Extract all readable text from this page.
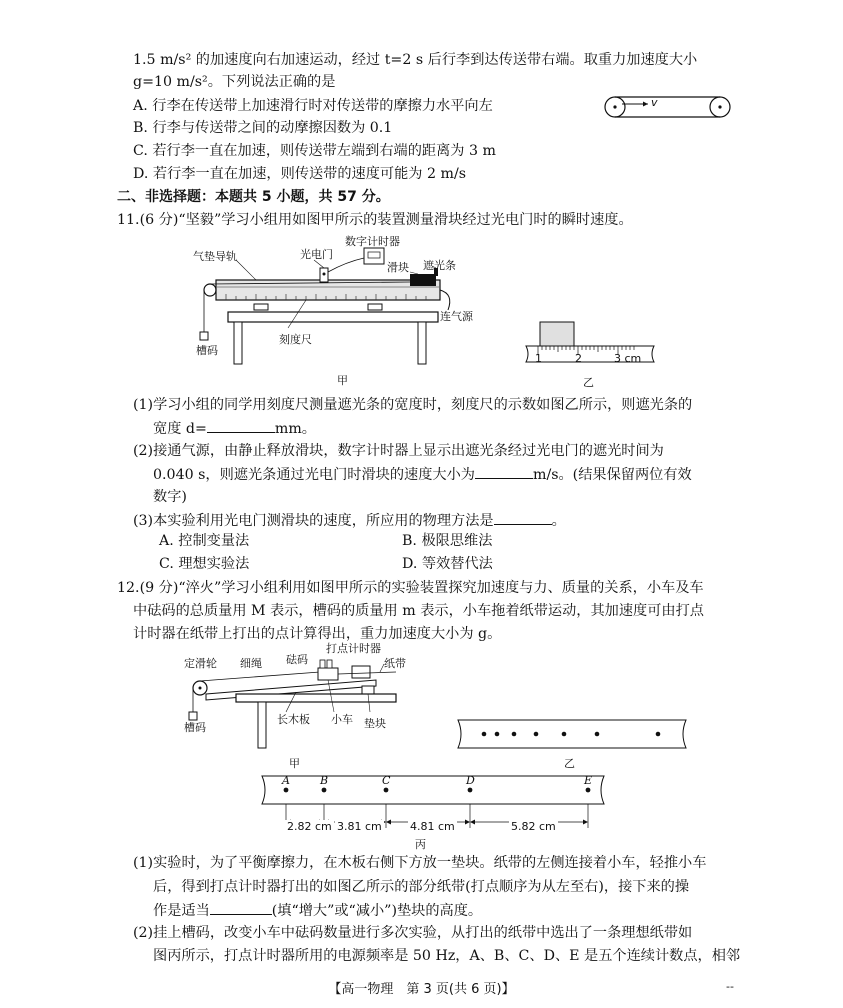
1.5 m/s² 的加速度向右加速运动，经过 t=2 s 后行李到达传送带右端。取重力加速度大小
g=10 m/s²。下列说法正确的是
A. 行李在传送带上加速滑行时对传送带的摩擦力水平向左
B. 行李与传送带之间的动摩擦因数为 0.1
C. 若行李一直在加速，则传送带左端到右端的距离为 3 m
D. 若行李一直在加速，则传送带的速度可能为 2 m/s
v
二、非选择题：本题共 5 小题，共 57 分。
11.(6 分)“坚毅”学习小组用如图甲所示的装置测量滑块经过光电门时的瞬时速度。
气垫导轨	光电门
数字计时器
滑块 遮光条
连气源
槽码
刻度尺
甲
1	2	3 cm
乙
(1)学习小组的同学用刻度尺测量遮光条的宽度时，刻度尺的示数如图乙所示，则遮光条的
宽度 d=	mm。
(2)接通气源，由静止释放滑块，数字计时器上显示出遮光条经过光电门的遮光时间为
0.040 s，则遮光条通过光电门时滑块的速度大小为	m/s。(结果保留两位有效
数字)
(3)本实验利用光电门测滑块的速度，所应用的物理方法是	。
A. 控制变量法	B. 极限思维法
C. 理想实验法	D. 等效替代法
12.(9 分)“淬火”学习小组利用如图甲所示的实验装置探究加速度与力、质量的关系，小车及车
中砝码的总质量用 M 表示，槽码的质量用 m 表示，小车拖着纸带运动，其加速度可由打点
计时器在纸带上打出的点计算得出，重力加速度大小为 g。
定滑轮 细绳 砝码
打点计时器
纸带
槽码
长木板 小车 垫块
甲	乙
A	B	C	D	E
2.82 cm 3.81 cm	4.81 cm	5.82 cm
丙
(1)实验时，为了平衡摩擦力，在木板右侧下方放一垫块。纸带的左侧连接着小车，轻推小车
后，得到打点计时器打出的如图乙所示的部分纸带(打点顺序为从左至右)，接下来的操
作是适当	(填“增大”或“减小”)垫块的高度。
(2)挂上槽码，改变小车中砝码数量进行多次实验，从打出的纸带中选出了一条理想纸带如
图丙所示，打点计时器所用的电源频率是 50 Hz，A、B、C、D、E 是五个连续计数点，相邻
【高一物理　第 3 页(共 6 页)】	--
